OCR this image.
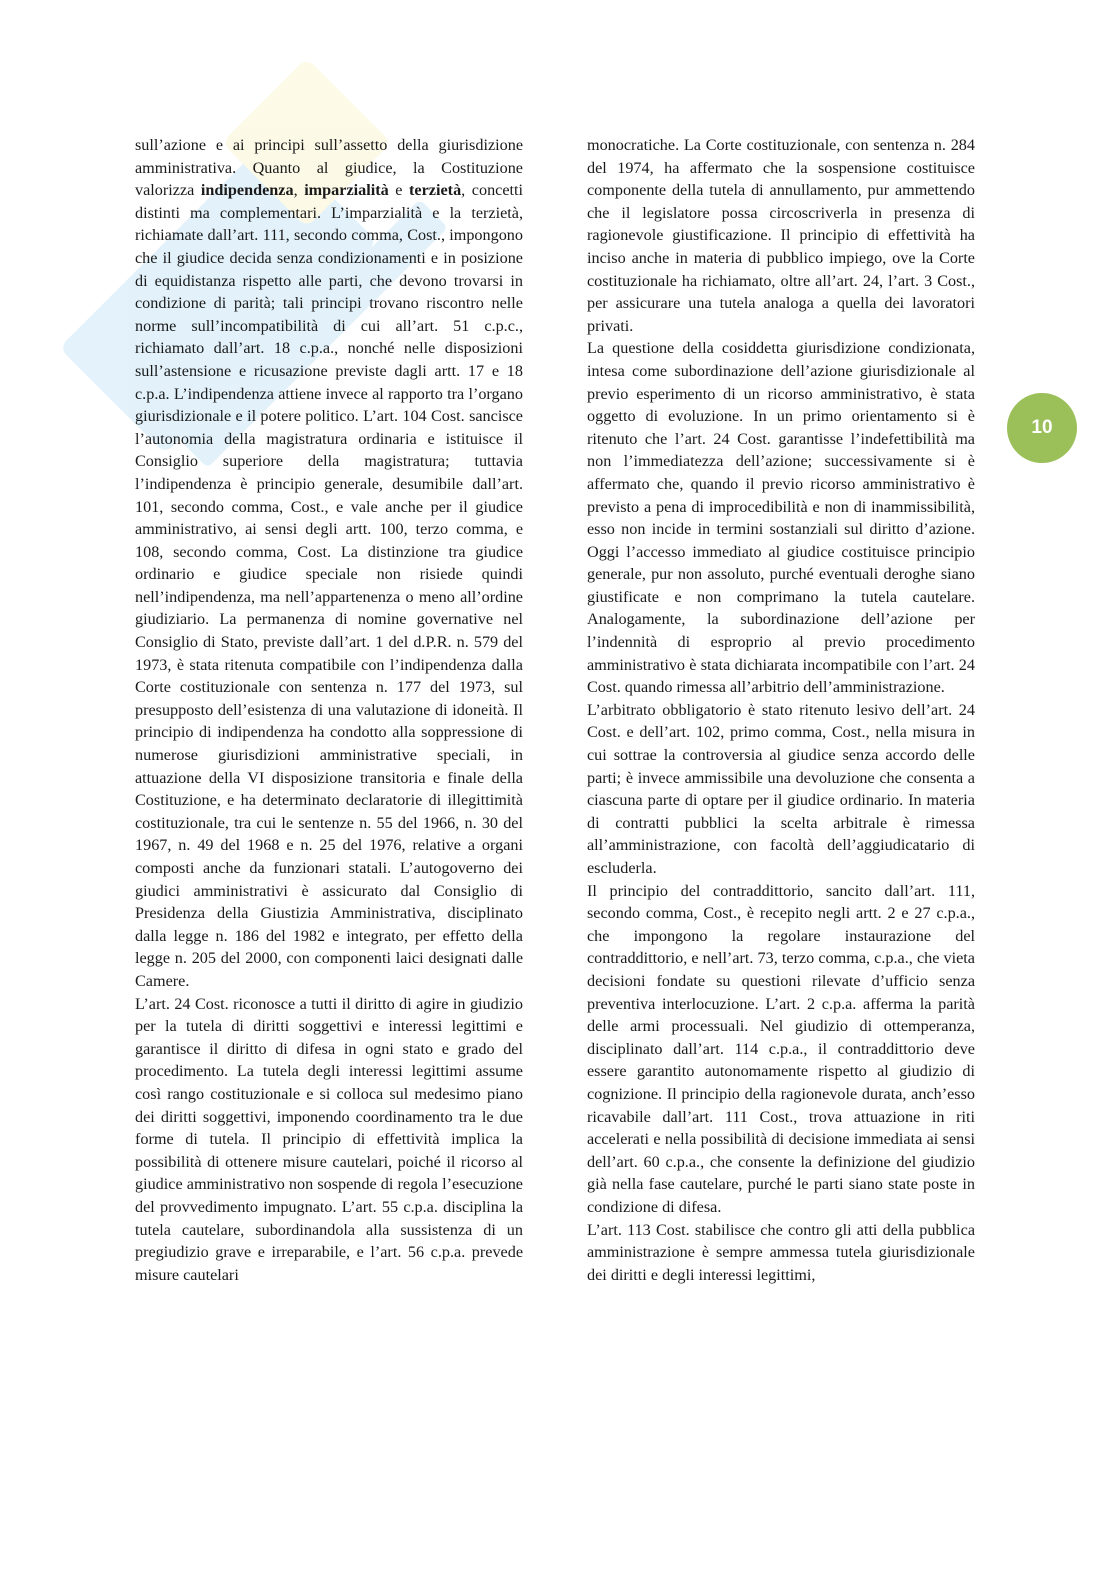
sull’azione e ai principi sull’assetto della giurisdizione amministrativa. Quanto al giudice, la Costituzione valorizza indipendenza, imparzialità e terzietà, concetti distinti ma complementari. L’imparzialità e la terzietà, richiamate dall’art. 111, secondo comma, Cost., impongono che il giudice decida senza condizionamenti e in posizione di equidistanza rispetto alle parti, che devono trovarsi in condizione di parità; tali principi trovano riscontro nelle norme sull’incompatibilità di cui all’art. 51 c.p.c., richiamato dall’art. 18 c.p.a., nonché nelle disposizioni sull’astensione e ricusazione previste dagli artt. 17 e 18 c.p.a. L’indipendenza attiene invece al rapporto tra l’organo giurisdizionale e il potere politico. L’art. 104 Cost. sancisce l’autonomia della magistratura ordinaria e istituisce il Consiglio superiore della magistratura; tuttavia l’indipendenza è principio generale, desumibile dall’art. 101, secondo comma, Cost., e vale anche per il giudice amministrativo, ai sensi degli artt. 100, terzo comma, e 108, secondo comma, Cost. La distinzione tra giudice ordinario e giudice speciale non risiede quindi nell’indipendenza, ma nell’appartenenza o meno all’ordine giudiziario. La permanenza di nomine governative nel Consiglio di Stato, previste dall’art. 1 del d.P.R. n. 579 del 1973, è stata ritenuta compatibile con l’indipendenza dalla Corte costituzionale con sentenza n. 177 del 1973, sul presupposto dell’esistenza di una valutazione di idoneità. Il principio di indipendenza ha condotto alla soppressione di numerose giurisdizioni amministrative speciali, in attuazione della VI disposizione transitoria e finale della Costituzione, e ha determinato declaratorie di illegittimità costituzionale, tra cui le sentenze n. 55 del 1966, n. 30 del 1967, n. 49 del 1968 e n. 25 del 1976, relative a organi composti anche da funzionari statali. L’autogoverno dei giudici amministrativi è assicurato dal Consiglio di Presidenza della Giustizia Amministrativa, disciplinato dalla legge n. 186 del 1982 e integrato, per effetto della legge n. 205 del 2000, con componenti laici designati dalle Camere.

L’art. 24 Cost. riconosce a tutti il diritto di agire in giudizio per la tutela di diritti soggettivi e interessi legittimi e garantisce il diritto di difesa in ogni stato e grado del procedimento. La tutela degli interessi legittimi assume così rango costituzionale e si colloca sul medesimo piano dei diritti soggettivi, imponendo coordinamento tra le due forme di tutela. Il principio di effettività implica la possibilità di ottenere misure cautelari, poiché il ricorso al giudice amministrativo non sospende di regola l’esecuzione del provvedimento impugnato. L’art. 55 c.p.a. disciplina la tutela cautelare, subordinandola alla sussistenza di un pregiudizio grave e irreparabile, e l’art. 56 c.p.a. prevede misure cautelari

monocratiche. La Corte costituzionale, con sentenza n. 284 del 1974, ha affermato che la sospensione costituisce componente della tutela di annullamento, pur ammettendo che il legislatore possa circoscriverla in presenza di ragionevole giustificazione. Il principio di effettività ha inciso anche in materia di pubblico impiego, ove la Corte costituzionale ha richiamato, oltre all’art. 24, l’art. 3 Cost., per assicurare una tutela analoga a quella dei lavoratori privati.

La questione della cosiddetta giurisdizione condizionata, intesa come subordinazione dell’azione giurisdizionale al previo esperimento di un ricorso amministrativo, è stata oggetto di evoluzione. In un primo orientamento si è ritenuto che l’art. 24 Cost. garantisse l’indefettibilità ma non l’immediatezza dell’azione; successivamente si è affermato che, quando il previo ricorso amministrativo è previsto a pena di improcedibilità e non di inammissibilità, esso non incide in termini sostanziali sul diritto d’azione. Oggi l’accesso immediato al giudice costituisce principio generale, pur non assoluto, purché eventuali deroghe siano giustificate e non comprimano la tutela cautelare. Analogamente, la subordinazione dell’azione per l’indennità di esproprio al previo procedimento amministrativo è stata dichiarata incompatibile con l’art. 24 Cost. quando rimessa all’arbitrio dell’amministrazione.

L’arbitrato obbligatorio è stato ritenuto lesivo dell’art. 24 Cost. e dell’art. 102, primo comma, Cost., nella misura in cui sottrae la controversia al giudice senza accordo delle parti; è invece ammissibile una devoluzione che consenta a ciascuna parte di optare per il giudice ordinario. In materia di contratti pubblici la scelta arbitrale è rimessa all’amministrazione, con facoltà dell’aggiudicatario di escluderla.

Il principio del contraddittorio, sancito dall’art. 111, secondo comma, Cost., è recepito negli artt. 2 e 27 c.p.a., che impongono la regolare instaurazione del contraddittorio, e nell’art. 73, terzo comma, c.p.a., che vieta decisioni fondate su questioni rilevate d’ufficio senza preventiva interlocuzione. L’art. 2 c.p.a. afferma la parità delle armi processuali. Nel giudizio di ottemperanza, disciplinato dall’art. 114 c.p.a., il contraddittorio deve essere garantito autonomamente rispetto al giudizio di cognizione. Il principio della ragionevole durata, anch’esso ricavabile dall’art. 111 Cost., trova attuazione in riti accelerati e nella possibilità di decisione immediata ai sensi dell’art. 60 c.p.a., che consente la definizione del giudizio già nella fase cautelare, purché le parti siano state poste in condizione di difesa.

L’art. 113 Cost. stabilisce che contro gli atti della pubblica amministrazione è sempre ammessa tutela giurisdizionale dei diritti e degli interessi legittimi,

10
